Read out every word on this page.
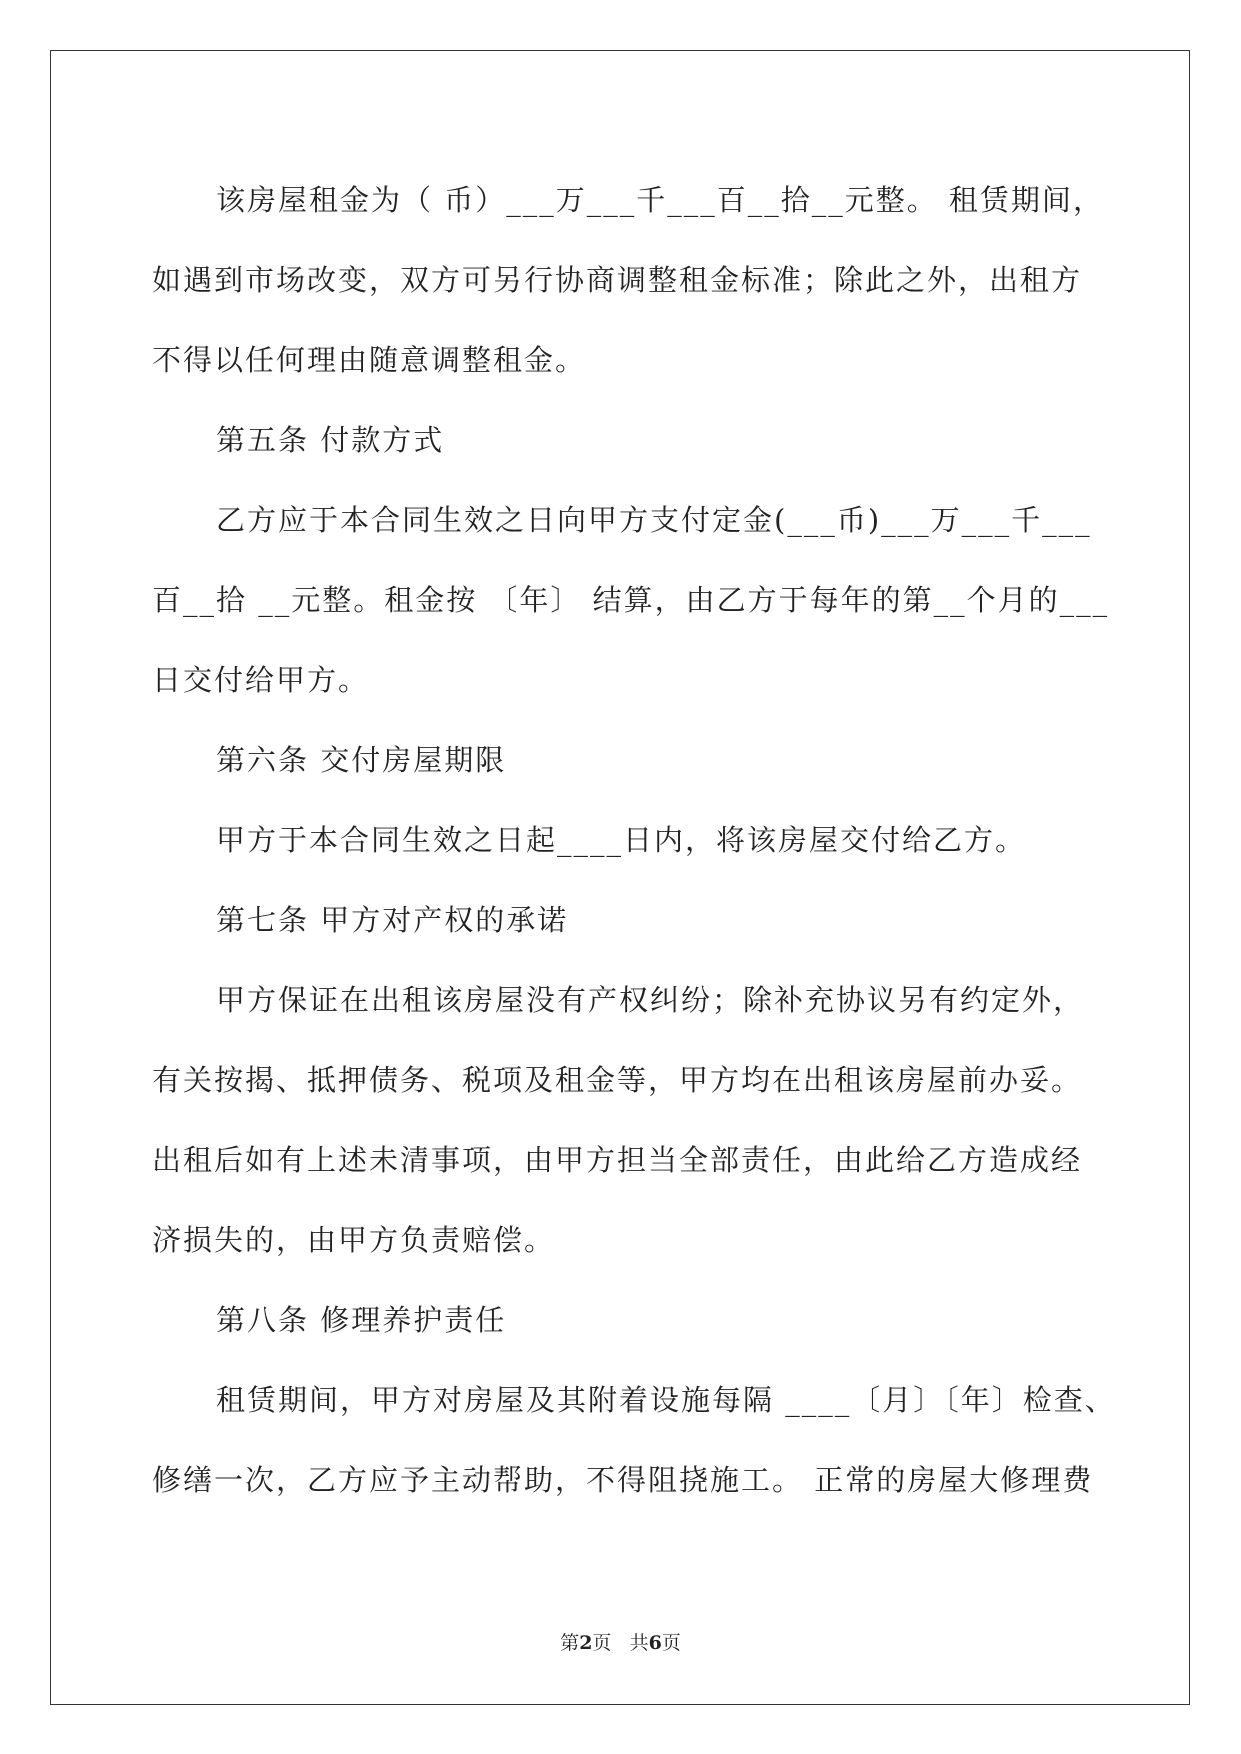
该房屋租金为（ 币）___万___千___百__拾__元整。 租赁期间，

如遇到市场改变，双方可另行协商调整租金标准；除此之外，出租方

不得以任何理由随意调整租金。

第五条 付款方式

乙方应于本合同生效之日向甲方支付定金(___币)___万___千___

百__拾 __元整。租金按 〔年〕 结算，由乙方于每年的第__个月的___

日交付给甲方。

第六条 交付房屋期限

甲方于本合同生效之日起____日内，将该房屋交付给乙方。

第七条 甲方对产权的承诺

甲方保证在出租该房屋没有产权纠纷；除补充协议另有约定外，

有关按揭、抵押债务、税项及租金等，甲方均在出租该房屋前办妥。

出租后如有上述未清事项，由甲方担当全部责任，由此给乙方造成经

济损失的，由甲方负责赔偿。

第八条 修理养护责任

租赁期间，甲方对房屋及其附着设施每隔 ____〔月〕〔年〕检查、

修缮一次，乙方应予主动帮助，不得阻挠施工。 正常的房屋大修理费

第2页 共6页
